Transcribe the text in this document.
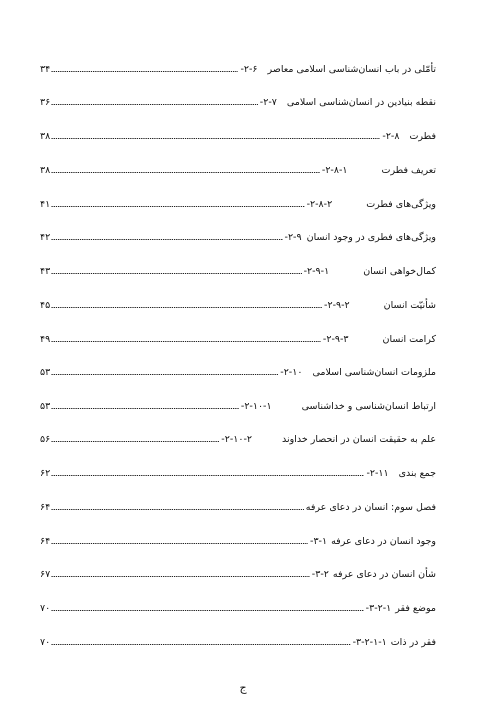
۳۴	۲-۶- تأمّلی در باب انسان‌شناسی اسلامی معاصر
۳۶	۲-۷- نقطه بنیادین در انسان‌شناسی اسلامی
۳۸	۲-۸- فطرت
۳۸	۲-۸-۱-	تعریف فطرت
۴۱	۲-۸-۲-	ویژگی‌های فطرت
۴۲	۲-۹- ویژگی‌های فطری در وجود انسان
۴۳	۲-۹-۱-	کمال‌خواهی انسان
۴۵	۲-۹-۲-	شأنیّت انسان
۴۹	۲-۹-۳-	کرامت انسان
۵۳	۲-۱۰- ملزومات انسان‌شناسی اسلامی
۵۳	۲-۱۰-۱-	ارتباط انسان‌شناسی و خداشناسی
۵۶	۲-۱۰-۲-	علم به حقیقت انسان در انحصار خداوند
۶۲	۲-۱۱- جمع بندی
۶۴	فصل سوم: انسان در دعای عرفه
۶۴	۳-۱- وجود انسان در دعای عرفه
۶۷	۳-۲- شأن انسان در دعای عرفه
۷۰	۳-۲-۱- موضع فقر
۷۰	۳-۲-۱-۱- فقر در ذات
ج
